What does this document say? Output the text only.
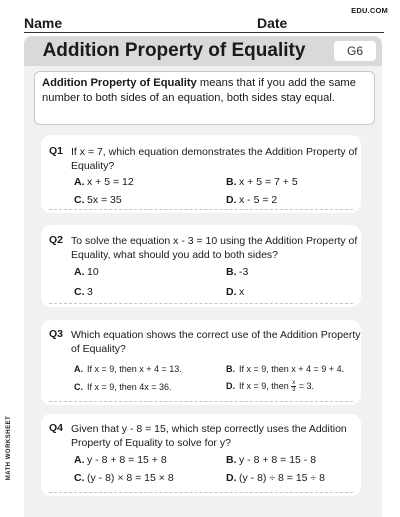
EDU.COM
Name	Date
MATH WORKSHEET
Addition Property of Equality	G6
Addition Property of Equality means that if you add the same number to both sides of an equation, both sides stay equal.
Q1 If x = 7, which equation demonstrates the Addition Property of Equality?
A. x + 5 = 12	B. x + 5 = 7 + 5
C. 5x = 35	D. x - 5 = 2
Q2 To solve the equation x - 3 = 10 using the Addition Property of Equality, what should you add to both sides?
A. 10	B. -3
C. 3	D. x
Q3 Which equation shows the correct use of the Addition Property of Equality?
A. If x = 9, then x + 4 = 13.	B. If x = 9, then x + 4 = 9 + 4.
C. If x = 9, then 4x = 36.	D. If x = 9, then $\frac{x}{3} = 3$.
Q4 Given that y - 8 = 15, which step correctly uses the Addition Property of Equality to solve for y?
A. y - 8 + 8 = 15 + 8	B. y - 8 + 8 = 15 - 8
C. (y - 8) × 8 = 15 × 8	D. (y - 8) ÷ 8 = 15 ÷ 8
